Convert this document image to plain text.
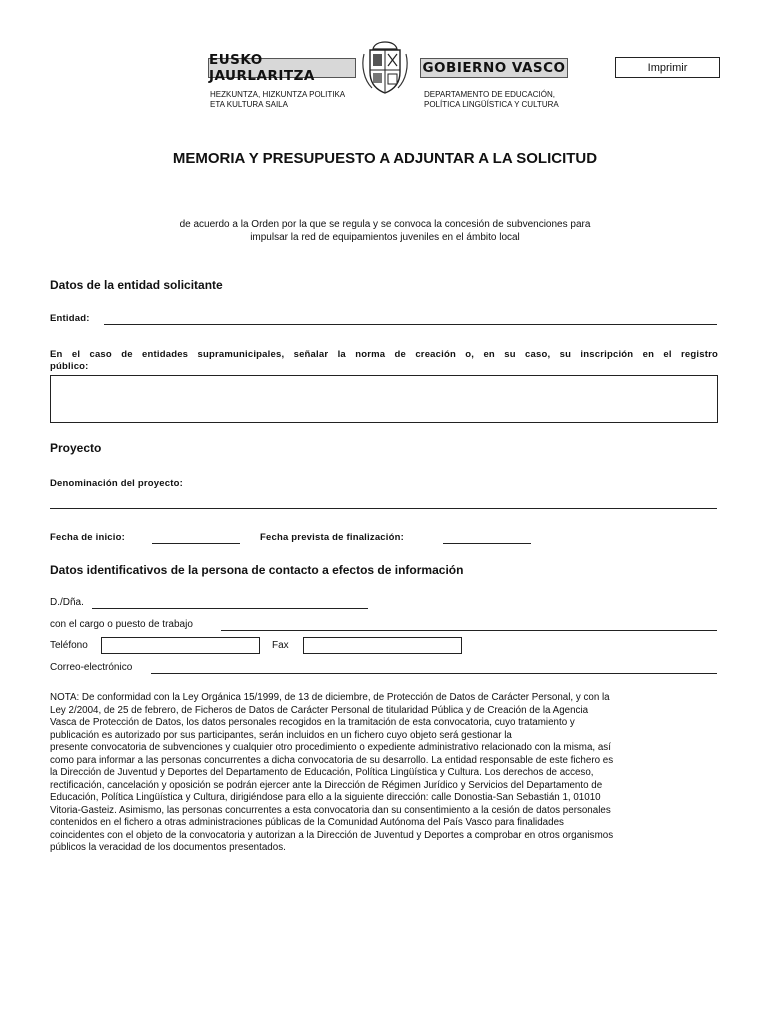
EUSKO JAURLARITZA	GOBIERNO VASCO
HEZKUNTZA, HIZKUNTZA POLITIKA
ETA KULTURA SAILA
DEPARTAMENTO DE EDUCACIÓN,
POLÍTICA LINGÜÍSTICA Y CULTURA
Imprimir
MEMORIA Y PRESUPUESTO A ADJUNTAR A LA SOLICITUD
de acuerdo a la Orden por la que se regula y se convoca la concesión de subvenciones para
impulsar la red de equipamientos juveniles en el ámbito local
Datos de la entidad solicitante
Entidad:
En el caso de entidades supramunicipales, señalar la norma de creación o, en su caso, su inscripción en el registro
público:
Proyecto
Denominación del proyecto:
Fecha de inicio:	Fecha prevista de finalización:
Datos identificativos de la persona de contacto a efectos de información
D./Dña.
con el cargo o puesto de trabajo
Teléfono	Fax
Correo-electrónico
NOTA: De conformidad con la Ley Orgánica 15/1999, de 13 de diciembre, de Protección de Datos de Carácter Personal, y con la
Ley 2/2004, de 25 de febrero, de Ficheros de Datos de Carácter Personal de titularidad Pública y de Creación de la Agencia
Vasca de Protección de Datos, los datos personales recogidos en la tramitación de esta convocatoria, cuyo tratamiento y
publicación es autorizado por sus participantes, serán incluidos en un fichero cuyo objeto será gestionar la
presente convocatoria de subvenciones y cualquier otro procedimiento o expediente administrativo relacionado con la misma, así
como para informar a las personas concurrentes a dicha convocatoria de su desarrollo. La entidad responsable de este fichero es
la Dirección de Juventud y Deportes del Departamento de Educación, Política Lingüística y Cultura. Los derechos de acceso,
rectificación, cancelación y oposición se podrán ejercer ante la Dirección de Régimen Jurídico y Servicios del Departamento de
Educación, Política Lingüística y Cultura, dirigiéndose para ello a la siguiente dirección: calle Donostia-San Sebastián 1, 01010
Vitoria-Gasteiz. Asimismo, las personas concurrentes a esta convocatoria dan su consentimiento a la cesión de datos personales
contenidos en el fichero a otras administraciones públicas de la Comunidad Autónoma del País Vasco para finalidades
coincidentes con el objeto de la convocatoria y autorizan a la Dirección de Juventud y Deportes a comprobar en otros organismos
públicos la veracidad de los documentos presentados.
